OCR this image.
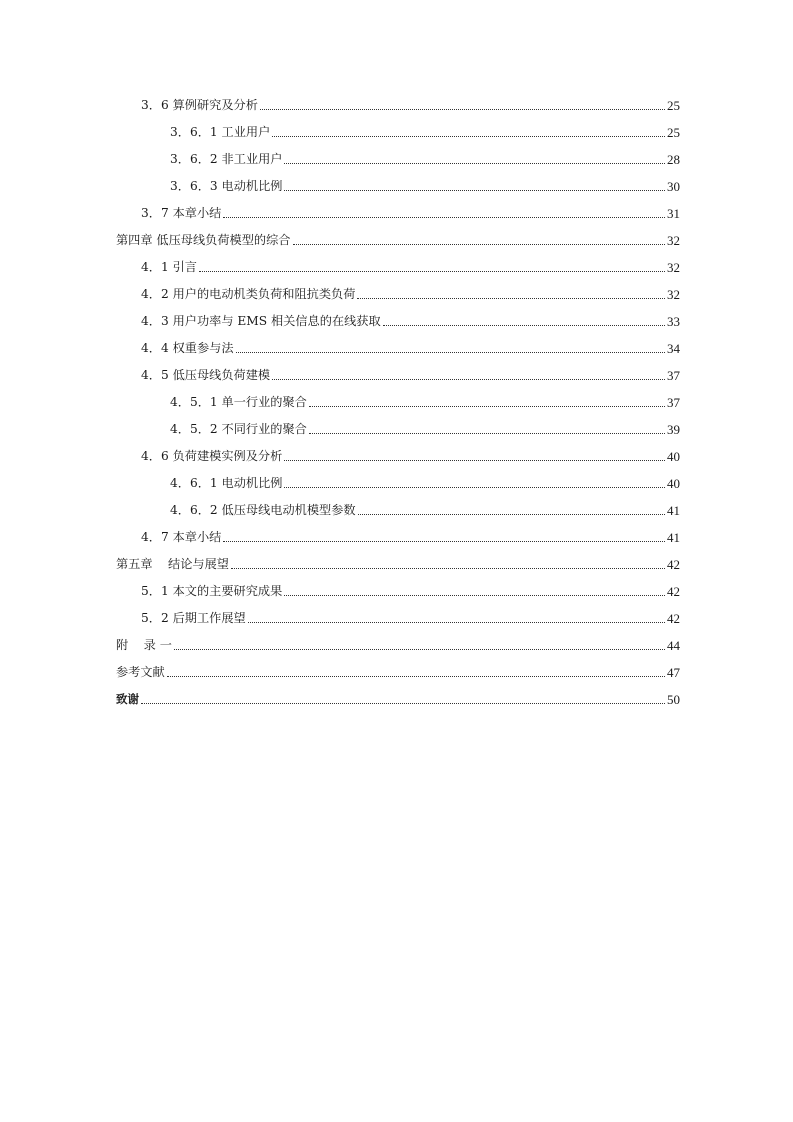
3．6 算例研究及分析	25
3．6．1 工业用户	25
3．6．2 非工业用户	28
3．6．3 电动机比例	30
3．7 本章小结	31
第四章 低压母线负荷模型的综合	32
4．1 引言	32
4．2 用户的电动机类负荷和阻抗类负荷	32
4．3 用户功率与 EMS 相关信息的在线获取	33
4．4 权重参与法	34
4．5 低压母线负荷建模	37
4．5．1 单一行业的聚合	37
4．5．2 不同行业的聚合	39
4．6 负荷建模实例及分析	40
4．6．1 电动机比例	40
4．6．2 低压母线电动机模型参数	41
4．7 本章小结	41
第五章    结论与展望	42
5．1 本文的主要研究成果	42
5．2 后期工作展望	42
附    录 一	44
参考文献	47
致谢	50
